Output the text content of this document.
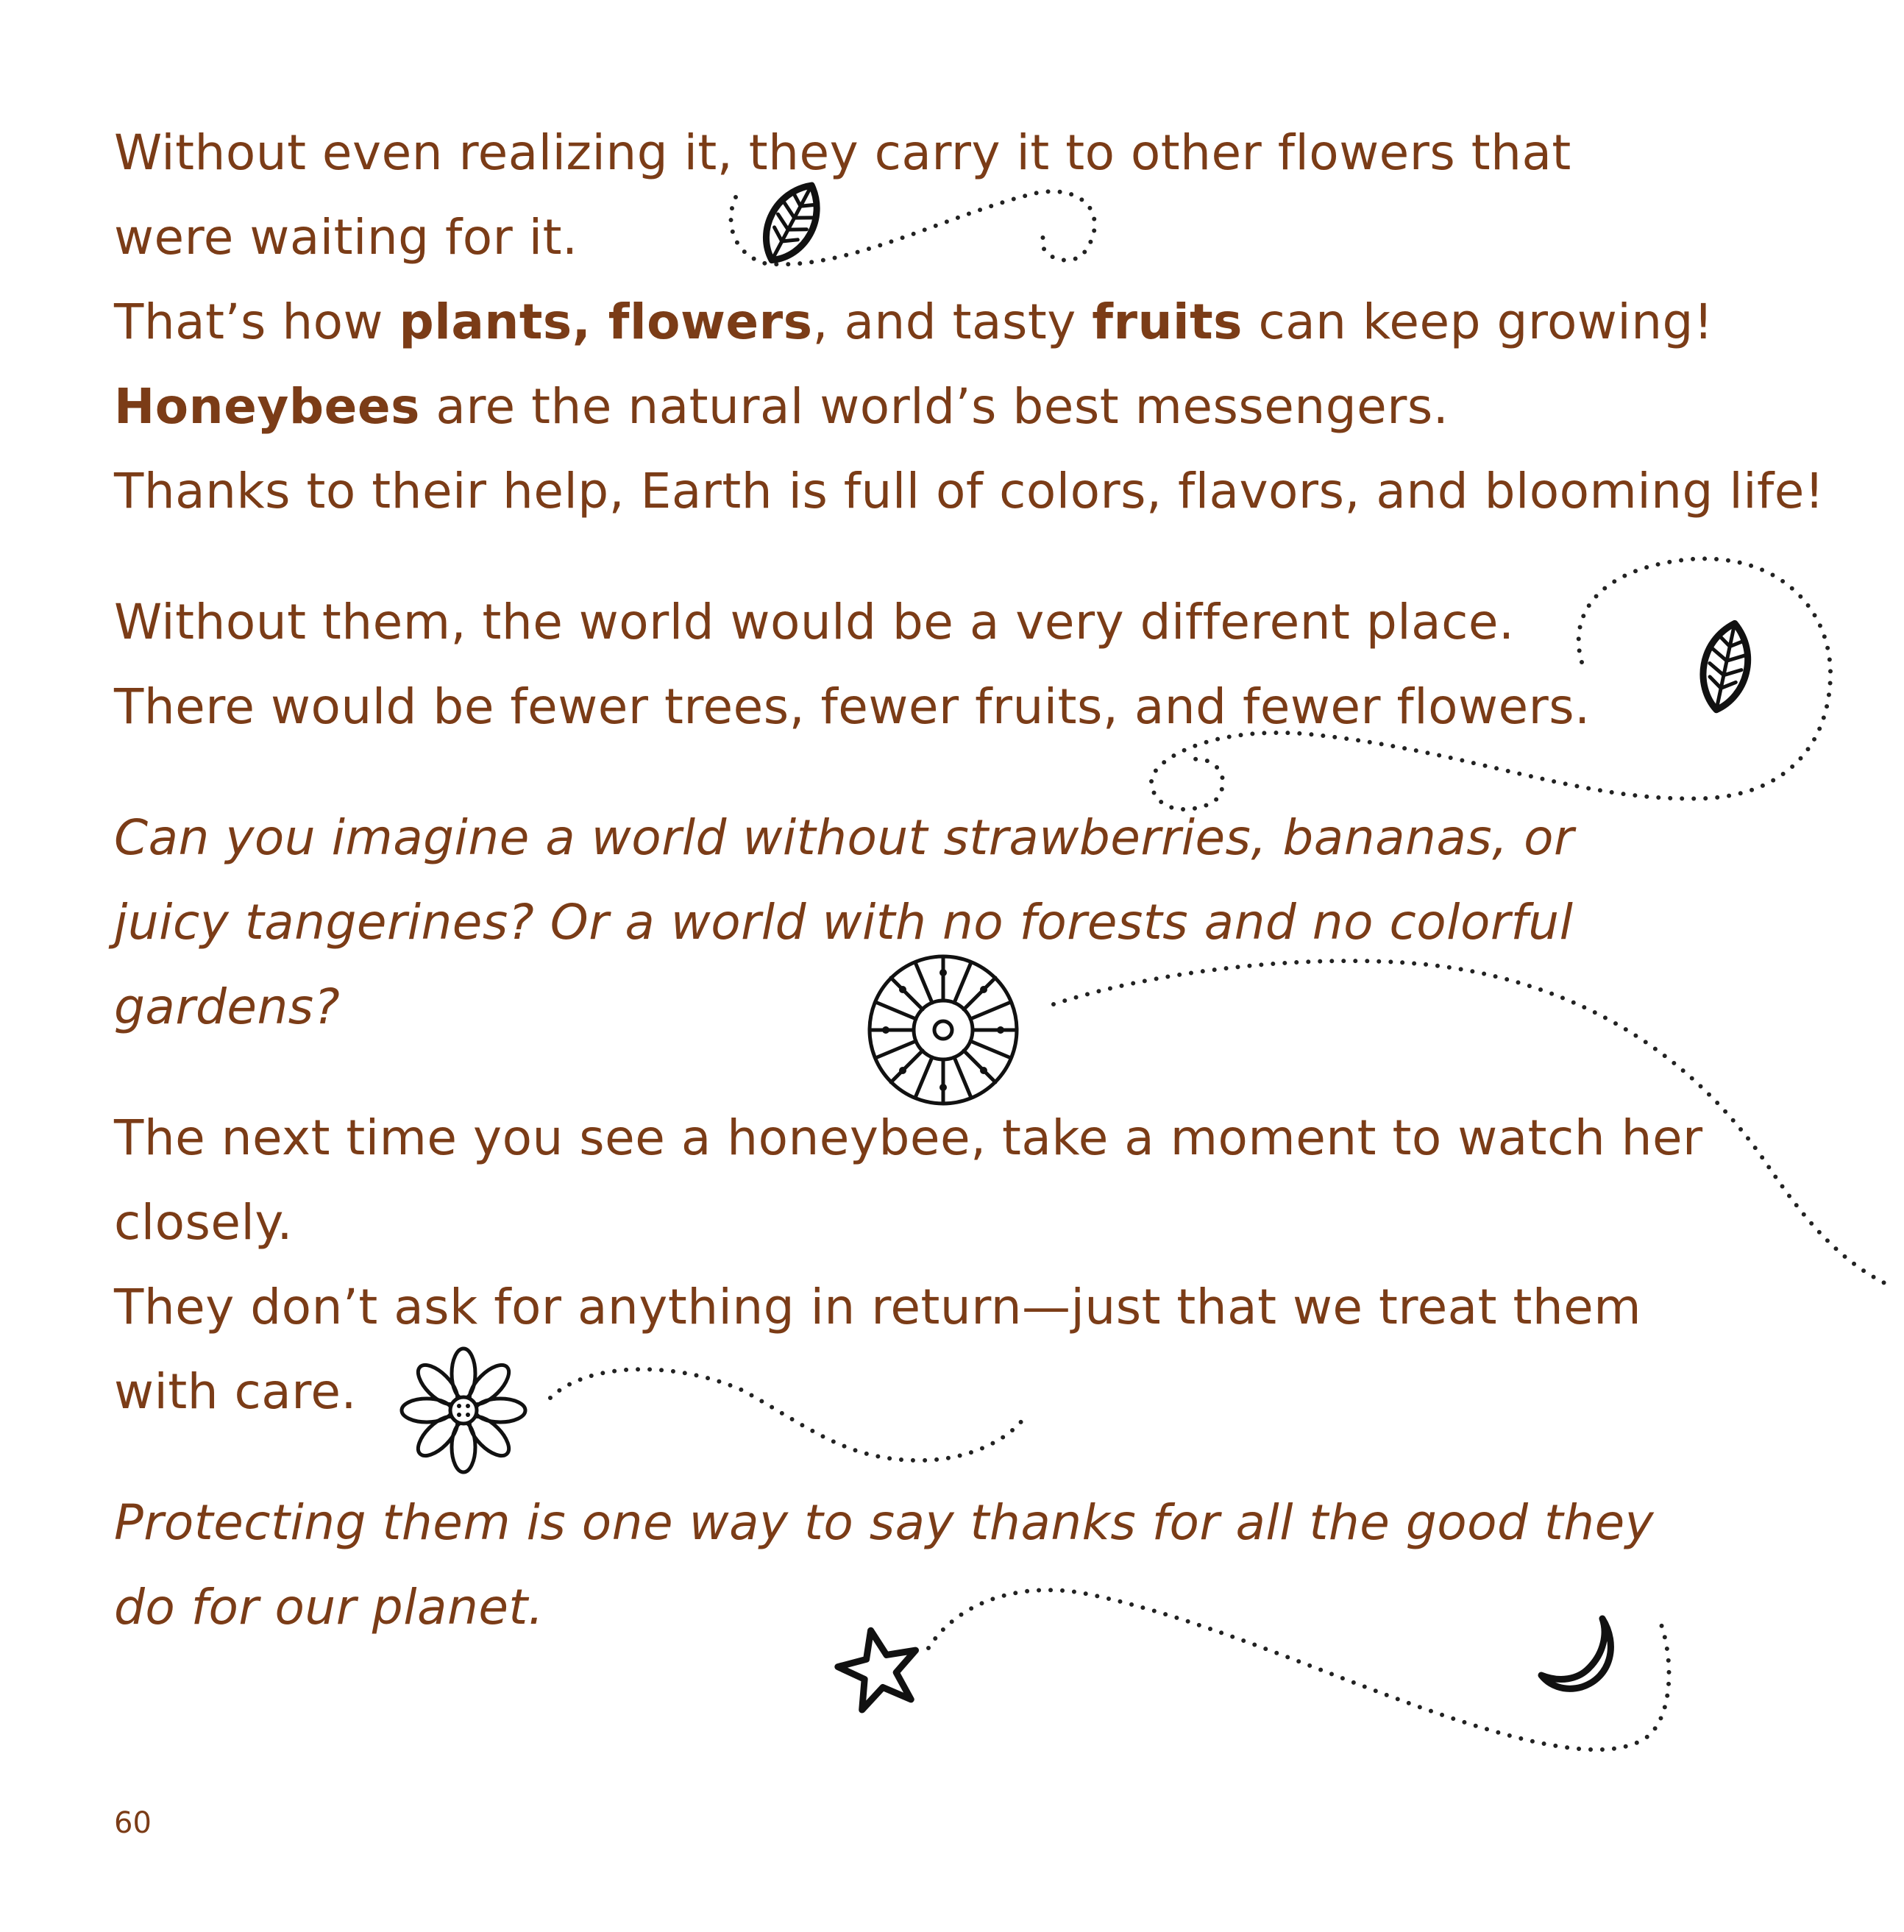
Without even realizing it, they carry it to other flowers that
were waiting for it.
That’s how plants, flowers, and tasty fruits can keep growing!
Honeybees are the natural world’s best messengers.
Thanks to their help, Earth is full of colors, flavors, and blooming life!
Without them, the world would be a very different place.
There would be fewer trees, fewer fruits, and fewer flowers.
Can you imagine a world without strawberries, bananas, or
juicy tangerines? Or a world with no forests and no colorful
gardens?
The next time you see a honeybee, take a moment to watch her
closely.
They don’t ask for anything in return—just that we treat them
with care.
Protecting them is one way to say thanks for all the good they
do for our planet.
60
